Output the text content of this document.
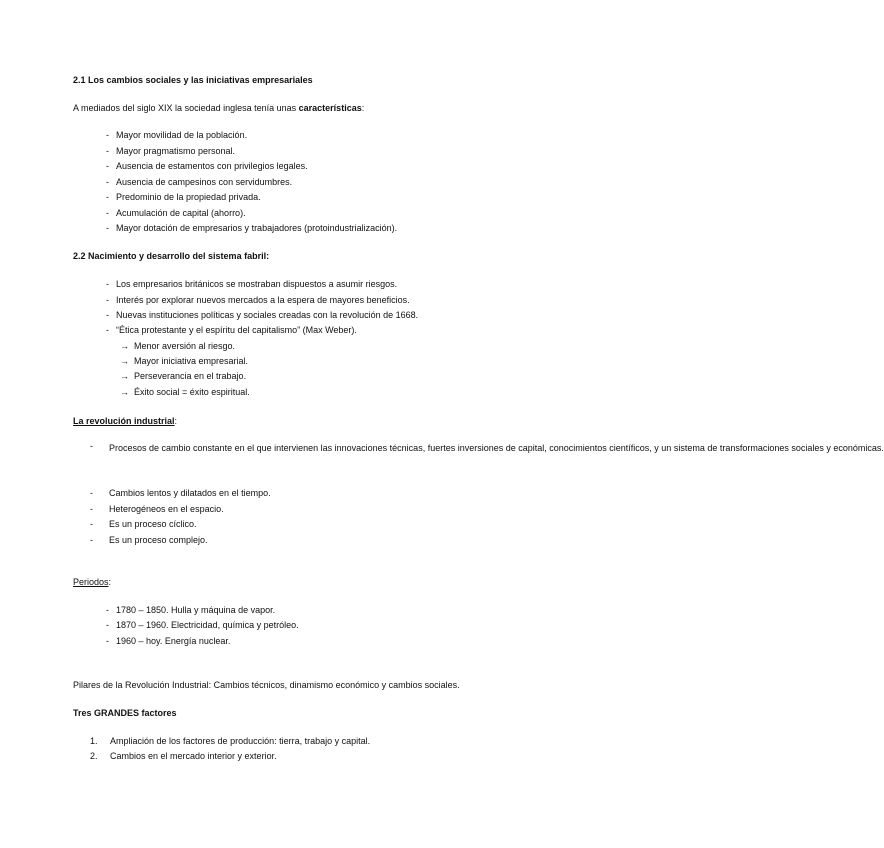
2.1 Los cambios sociales y las iniciativas empresariales
A mediados del siglo XIX la sociedad inglesa tenía unas características:
- Mayor movilidad de la población.
- Mayor pragmatismo personal.
- Ausencia de estamentos con privilegios legales.
- Ausencia de campesinos con servidumbres.
- Predominio de la propiedad privada.
- Acumulación de capital (ahorro).
- Mayor dotación de empresarios y trabajadores (protoindustrialización).
2.2 Nacimiento y desarrollo del sistema fabril:
- Los empresarios británicos se mostraban dispuestos a asumir riesgos.
- Interés por explorar nuevos mercados a la espera de mayores beneficios.
- Nuevas instituciones políticas y sociales creadas con la revolución de 1668.
- “Ética protestante y el espíritu del capitalismo” (Max Weber).
→ Menor aversión al riesgo.
→ Mayor iniciativa empresarial.
→ Perseverancia en el trabajo.
→ Éxito social = éxito espiritual.
La revolución industrial:
-	Procesos de cambio constante en el que intervienen las innovaciones técnicas, fuertes inversiones de capital, conocimientos científicos, y un sistema de transformaciones sociales y económicas.
- Cambios lentos y dilatados en el tiempo.
- Heterogéneos en el espacio.
- Es un proceso cíclico.
- Es un proceso complejo.
Periodos:
- 1780 – 1850. Hulla y máquina de vapor.
- 1870 – 1960. Electricidad, química y petróleo.
- 1960 – hoy. Energía nuclear.
Pilares de la Revolución Industrial: Cambios técnicos, dinamismo económico y cambios sociales.
Tres GRANDES factores
1. Ampliación de los factores de producción: tierra, trabajo y capital.
2. Cambios en el mercado interior y exterior.
